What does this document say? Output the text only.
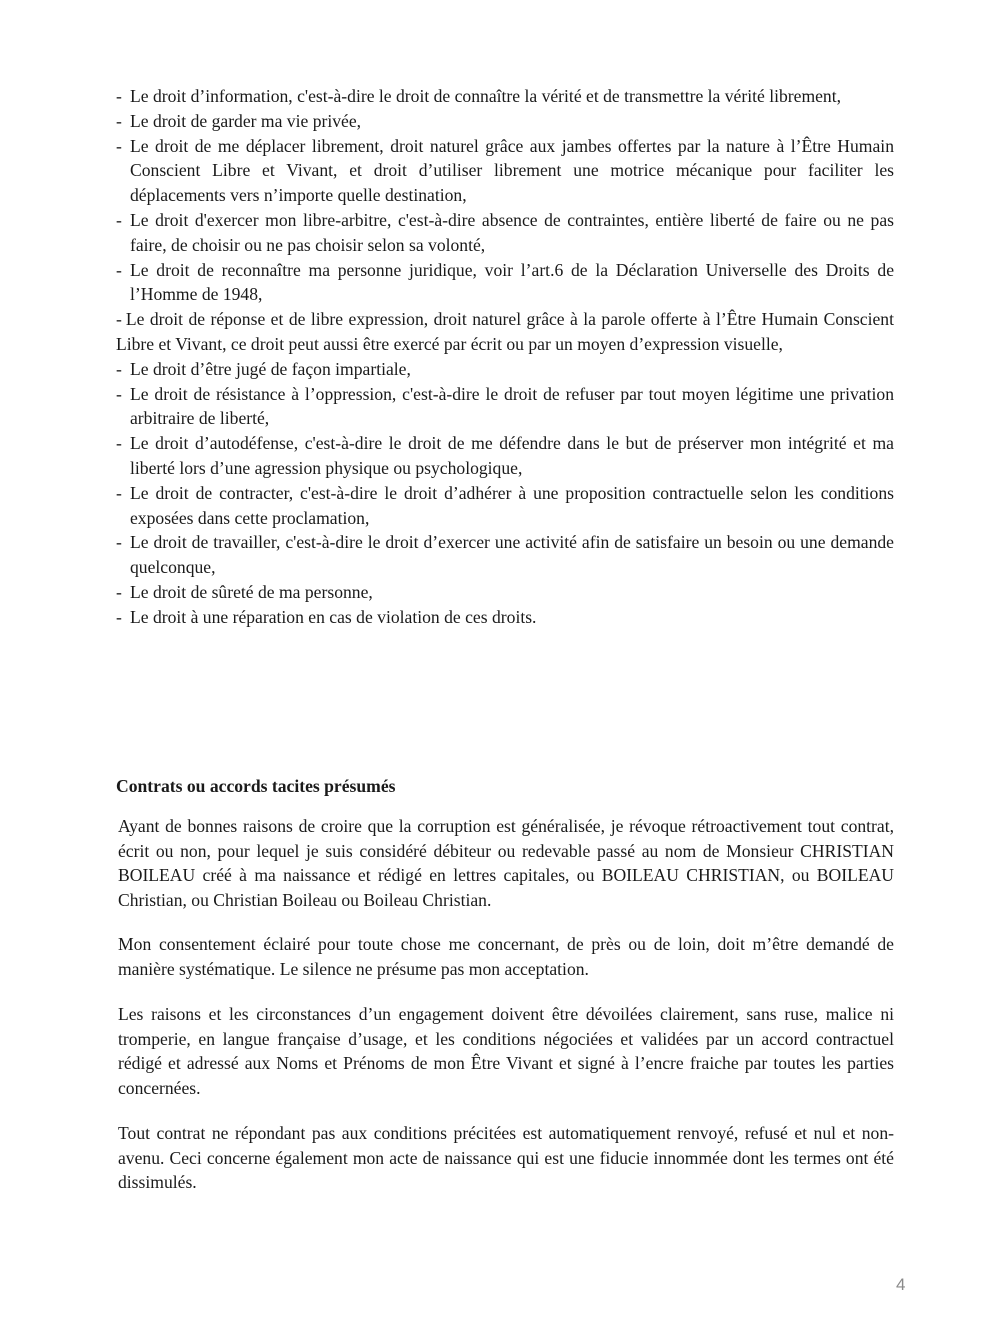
- Le droit d’information, c'est-à-dire le droit de connaître la vérité et de transmettre la vérité librement,
- Le droit de garder ma vie privée,
- Le droit de me déplacer librement, droit naturel grâce aux jambes offertes par la nature à l’Être Humain Conscient Libre et Vivant, et droit d’utiliser librement une motrice mécanique pour faciliter les déplacements vers n’importe quelle destination,
- Le droit d'exercer mon libre-arbitre, c'est-à-dire absence de contraintes, entière liberté de faire ou ne pas faire, de choisir ou ne pas choisir selon sa volonté,
- Le droit de reconnaître ma personne juridique, voir l’art.6 de la Déclaration Universelle des Droits de l’Homme de 1948,
- Le droit de réponse et de libre expression, droit naturel grâce à la parole offerte à l’Être Humain Conscient Libre et Vivant, ce droit peut aussi être exercé par écrit ou par un moyen d’expression visuelle,
- Le droit d’être jugé de façon impartiale,
- Le droit de résistance à l’oppression, c'est-à-dire le droit de refuser par tout moyen légitime une privation arbitraire de liberté,
- Le droit d’autodéfense, c'est-à-dire le droit de me défendre dans le but de préserver mon intégrité et ma liberté lors d’une agression physique ou psychologique,
- Le droit de contracter, c'est-à-dire le droit d’adhérer à une proposition contractuelle selon les conditions exposées dans cette proclamation,
- Le droit de travailler, c'est-à-dire le droit d’exercer une activité afin de satisfaire un besoin ou une demande quelconque,
- Le droit de sûreté de ma personne,
- Le droit à une réparation en cas de violation de ces droits.
Contrats ou accords tacites présumés

Ayant de bonnes raisons de croire que la corruption est généralisée, je révoque rétroactivement tout contrat, écrit ou non, pour lequel je suis considéré débiteur ou redevable passé au nom de Monsieur CHRISTIAN BOILEAU créé à ma naissance et rédigé en lettres capitales, ou BOILEAU CHRISTIAN, ou BOILEAU Christian, ou Christian Boileau ou Boileau Christian.

Mon consentement éclairé pour toute chose me concernant, de près ou de loin, doit m’être demandé de manière systématique. Le silence ne présume pas mon acceptation.

Les raisons et les circonstances d’un engagement doivent être dévoilées clairement, sans ruse, malice ni tromperie, en langue française d’usage, et les conditions négociées et validées par un accord contractuel rédigé et adressé aux Noms et Prénoms de mon Être Vivant et signé à l’encre fraiche par toutes les parties concernées.

Tout contrat ne répondant pas aux conditions précitées est automatiquement renvoyé, refusé et nul et non-avenu. Ceci concerne également mon acte de naissance qui est une fiducie innommée dont les termes ont été dissimulés.

4
